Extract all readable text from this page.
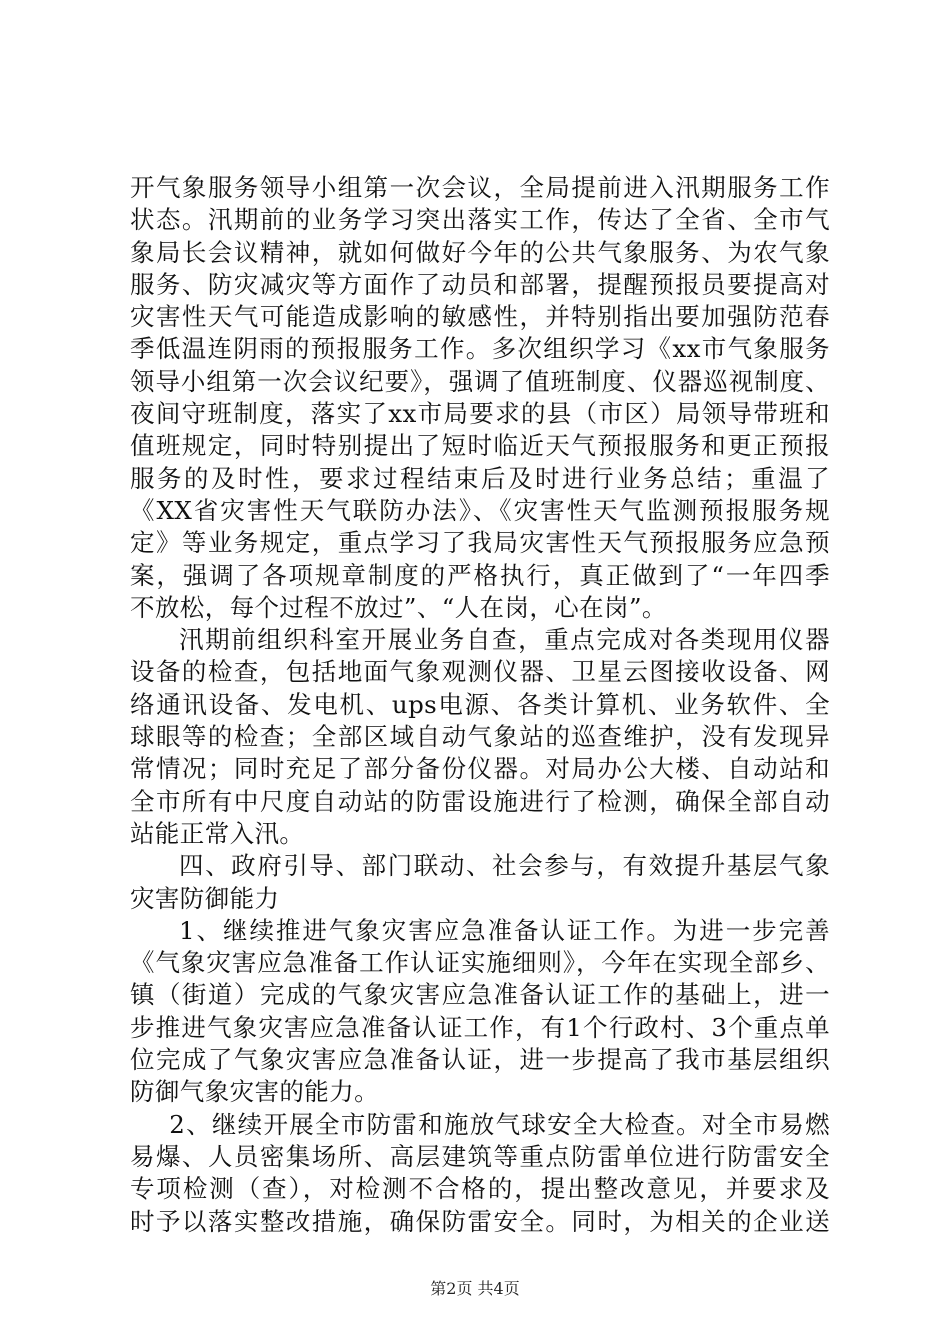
开气象服务领导小组第一次会议，全局提前进入汛期服务工作
状态。汛期前的业务学习突出落实工作，传达了全省、全市气
象局长会议精神，就如何做好今年的公共气象服务、为农气象
服务、防灾减灾等方面作了动员和部署，提醒预报员要提高对
灾害性天气可能造成影响的敏感性，并特别指出要加强防范春
季低温连阴雨的预报服务工作。多次组织学习《xx市气象服务
领导小组第一次会议纪要》，强调了值班制度、仪器巡视制度、
夜间守班制度，落实了xx市局要求的县（市区）局领导带班和
值班规定，同时特别提出了短时临近天气预报服务和更正预报
服务的及时性，要求过程结束后及时进行业务总结；重温了
《XX省灾害性天气联防办法》、《灾害性天气监测预报服务规
定》等业务规定，重点学习了我局灾害性天气预报服务应急预
案，强调了各项规章制度的严格执行，真正做到了“一年四季
不放松，每个过程不放过”、“人在岗，心在岗”。
汛期前组织科室开展业务自查，重点完成对各类现用仪器
设备的检查，包括地面气象观测仪器、卫星云图接收设备、网
络通讯设备、发电机、ups电源、各类计算机、业务软件、全
球眼等的检查；全部区域自动气象站的巡查维护，没有发现异
常情况；同时充足了部分备份仪器。对局办公大楼、自动站和
全市所有中尺度自动站的防雷设施进行了检测，确保全部自动
站能正常入汛。
四、政府引导、部门联动、社会参与，有效提升基层气象
灾害防御能力
1、继续推进气象灾害应急准备认证工作。为进一步完善
《气象灾害应急准备工作认证实施细则》，今年在实现全部乡、
镇（街道）完成的气象灾害应急准备认证工作的基础上，进一
步推进气象灾害应急准备认证工作，有1个行政村、3个重点单
位完成了气象灾害应急准备认证，进一步提高了我市基层组织
防御气象灾害的能力。
2、继续开展全市防雷和施放气球安全大检查。对全市易燃
易爆、人员密集场所、高层建筑等重点防雷单位进行防雷安全
专项检测（查），对检测不合格的，提出整改意见，并要求及
时予以落实整改措施，确保防雷安全。同时，为相关的企业送
第2页 共4页
